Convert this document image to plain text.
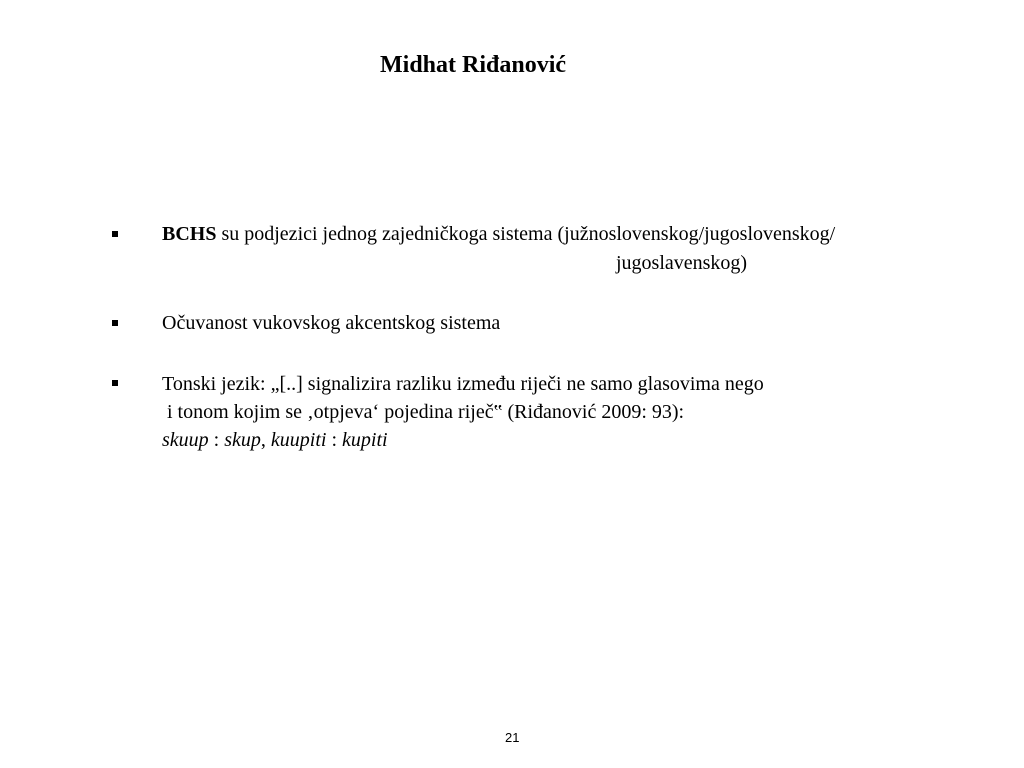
Midhat Riđanović
BCHS su podjezici jednog zajedničkoga sistema (južnoslovenskog/jugoslovenskog/
jugoslavenskog)
Očuvanost vukovskog akcentskog sistema
Tonski jezik: „[..] signalizira razliku između riječi ne samo glasovima nego
i tonom kojim se ‚otpjeva‘ pojedina riječ‟ (Riđanović 2009: 93):
skuup : skup, kuupiti : kupiti
21
